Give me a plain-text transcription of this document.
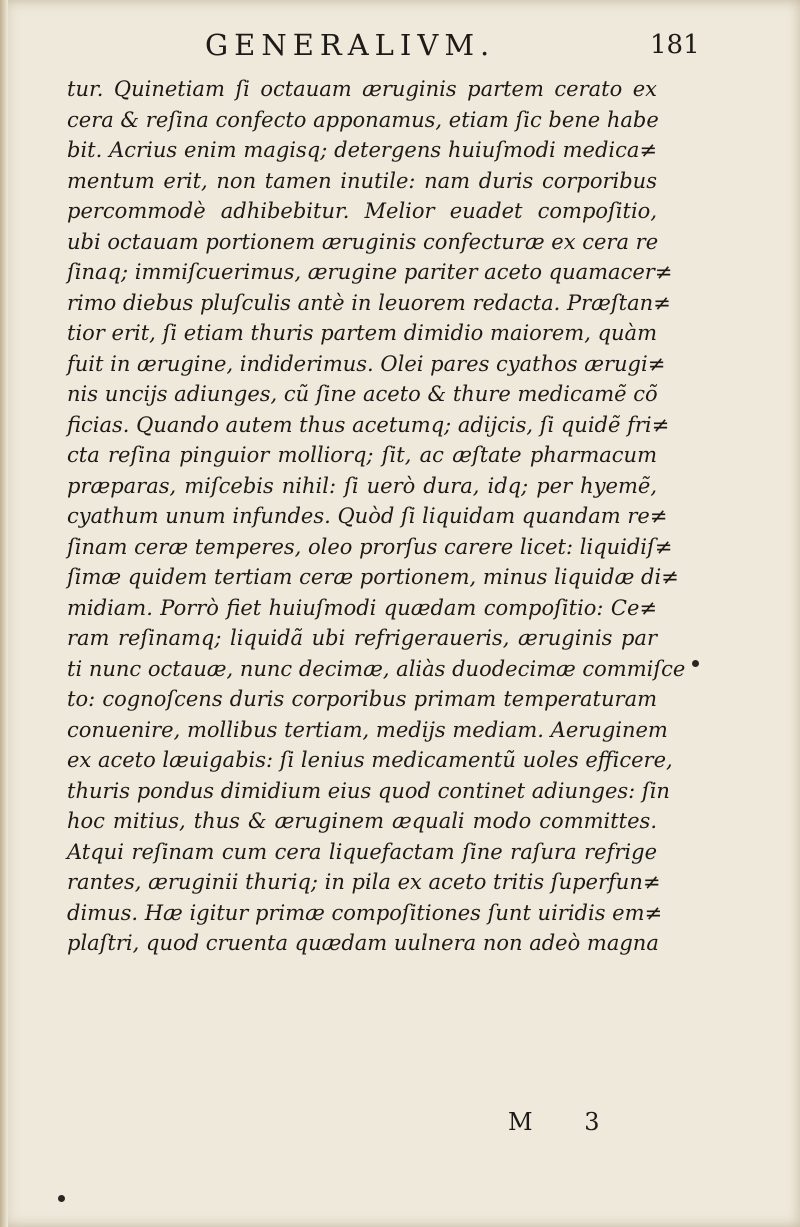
GENERALIVM.	181
tur. Quinetiam ſi octauam æruginis partem cerato ex
cera & reſina confecto apponamus, etiam ſic bene habe
bit. Acrius enim magisq; detergens huiuſmodi medica≠
mentum erit, non tamen inutile: nam duris corporibus
percommodè adhibebitur. Melior euadet compoſitio,
ubi octauam portionem æruginis confecturæ ex cera re
ſinaq; immiſcuerimus, ærugine pariter aceto quamacer≠
rimo diebus pluſculis antè in leuorem redacta. Præſtan≠
tior erit, ſi etiam thuris partem dimidio maiorem, quàm
fuit in ærugine, indiderimus. Olei pares cyathos ærugi≠
nis uncijs adiunges, cũ ſine aceto & thure medicamẽ cõ
ficias. Quando autem thus acetumq; adijcis, ſi quidẽ fri≠
cta reſina pinguior molliorq; ſit, ac æſtate pharmacum
præparas, miſcebis nihil: ſi uerò dura, idq; per hyemẽ,
cyathum unum infundes. Quòd ſi liquidam quandam re≠
ſinam ceræ temperes, oleo prorſus carere licet: liquidiſ≠
ſimæ quidem tertiam ceræ portionem, minus liquidæ di≠
midiam. Porrò fiet huiuſmodi quædam compoſitio: Ce≠
ram reſinamq; liquidã ubi refrigeraueris, æruginis par
ti nunc octauæ, nunc decimæ, aliàs duodecimæ commiſce
to: cognoſcens duris corporibus primam temperaturam
conuenire, mollibus tertiam, medijs mediam. Aeruginem
ex aceto læuigabis: ſi lenius medicamentũ uoles efficere,
thuris pondus dimidium eius quod continet adiunges: ſin
hoc mitius, thus & æruginem æquali modo committes.
Atqui reſinam cum cera liquefactam ſine raſura refrige
rantes, æruginii thuriq; in pila ex aceto tritis ſuperfun≠
dimus. Hæ igitur primæ compoſitiones ſunt uiridis em≠
plaſtri, quod cruenta quædam uulnera non adeò magna
M 3
